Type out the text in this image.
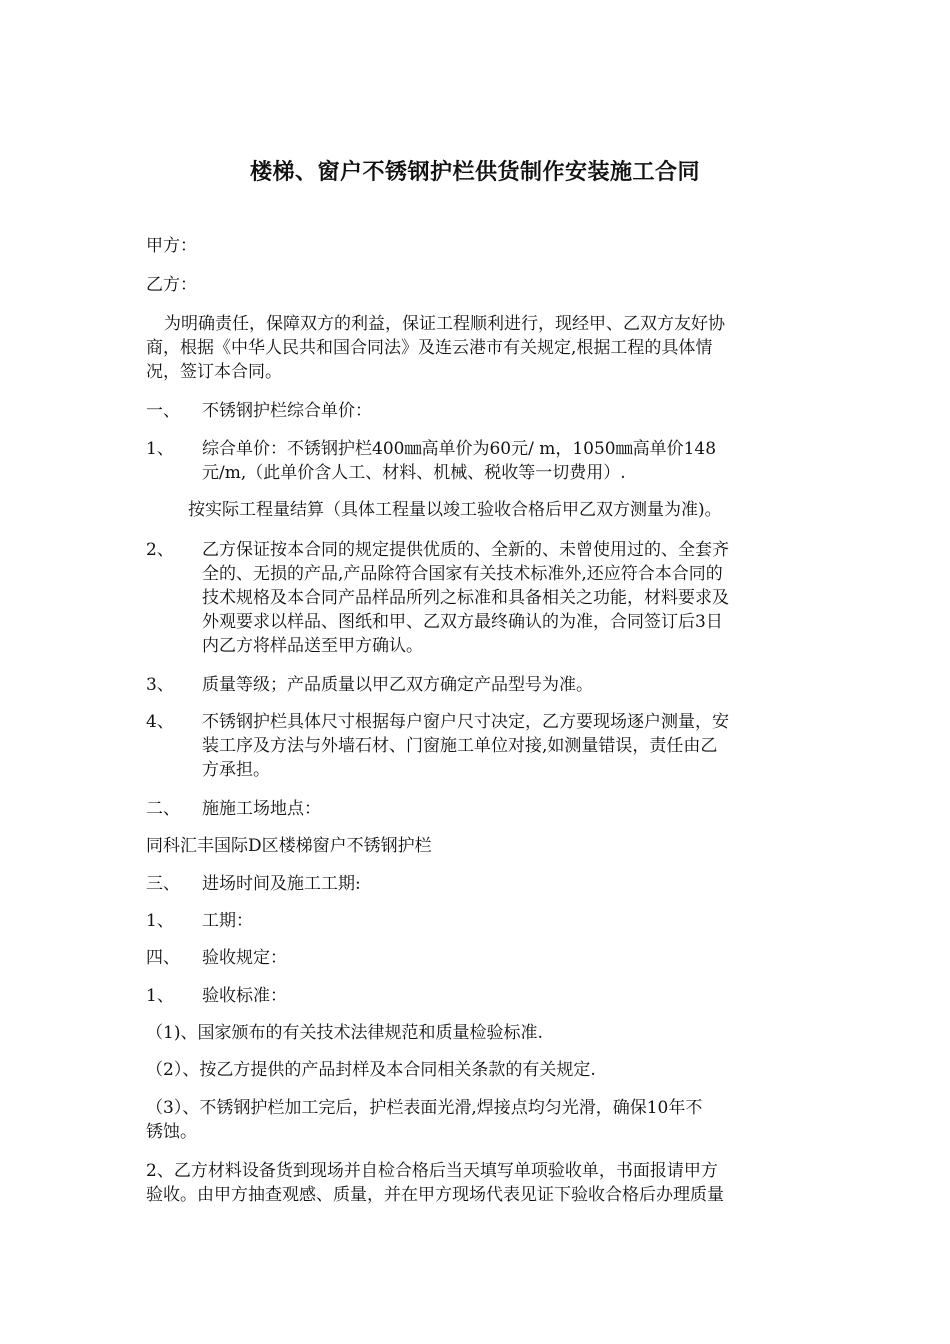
楼梯、窗户不锈钢护栏供货制作安装施工合同
甲方：
乙方：
为明确责任，保障双方的利益，保证工程顺利进行，现经甲、乙双方友好协
商，根据《中华人民共和国合同法》及连云港市有关规定,根据工程的具体情
况，签订本合同。
一、 不锈钢护栏综合单价：
1、 综合单价：不锈钢护栏400㎜高单价为60元/ m，1050㎜高单价148
元/m,（此单价含人工、材料、机械、税收等一切费用）.
按实际工程量结算（具体工程量以竣工验收合格后甲乙双方测量为准)。
2、 乙方保证按本合同的规定提供优质的、全新的、未曾使用过的、全套齐
全的、无损的产品,产品除符合国家有关技术标准外,还应符合本合同的
技术规格及本合同产品样品所列之标准和具备相关之功能，材料要求及
外观要求以样品、图纸和甲、乙双方最终确认的为准，合同签订后3日
内乙方将样品送至甲方确认。
3、 质量等级；产品质量以甲乙双方确定产品型号为准。
4、 不锈钢护栏具体尺寸根据每户窗户尺寸决定，乙方要现场逐户测量，安
装工序及方法与外墙石材、门窗施工单位对接,如测量错误，责任由乙
方承担。
二、 施施工场地点：
同科汇丰国际D区楼梯窗户不锈钢护栏
三、 进场时间及施工工期:
1、 工期：
四、 验收规定：
1、 验收标准：
（1)、国家颁布的有关技术法律规范和质量检验标准.
（2）、按乙方提供的产品封样及本合同相关条款的有关规定.
（3）、不锈钢护栏加工完后，护栏表面光滑,焊接点均匀光滑，确保10年不
锈蚀。
2、乙方材料设备货到现场并自检合格后当天填写单项验收单，书面报请甲方
验收。由甲方抽查观感、质量，并在甲方现场代表见证下验收合格后办理质量
